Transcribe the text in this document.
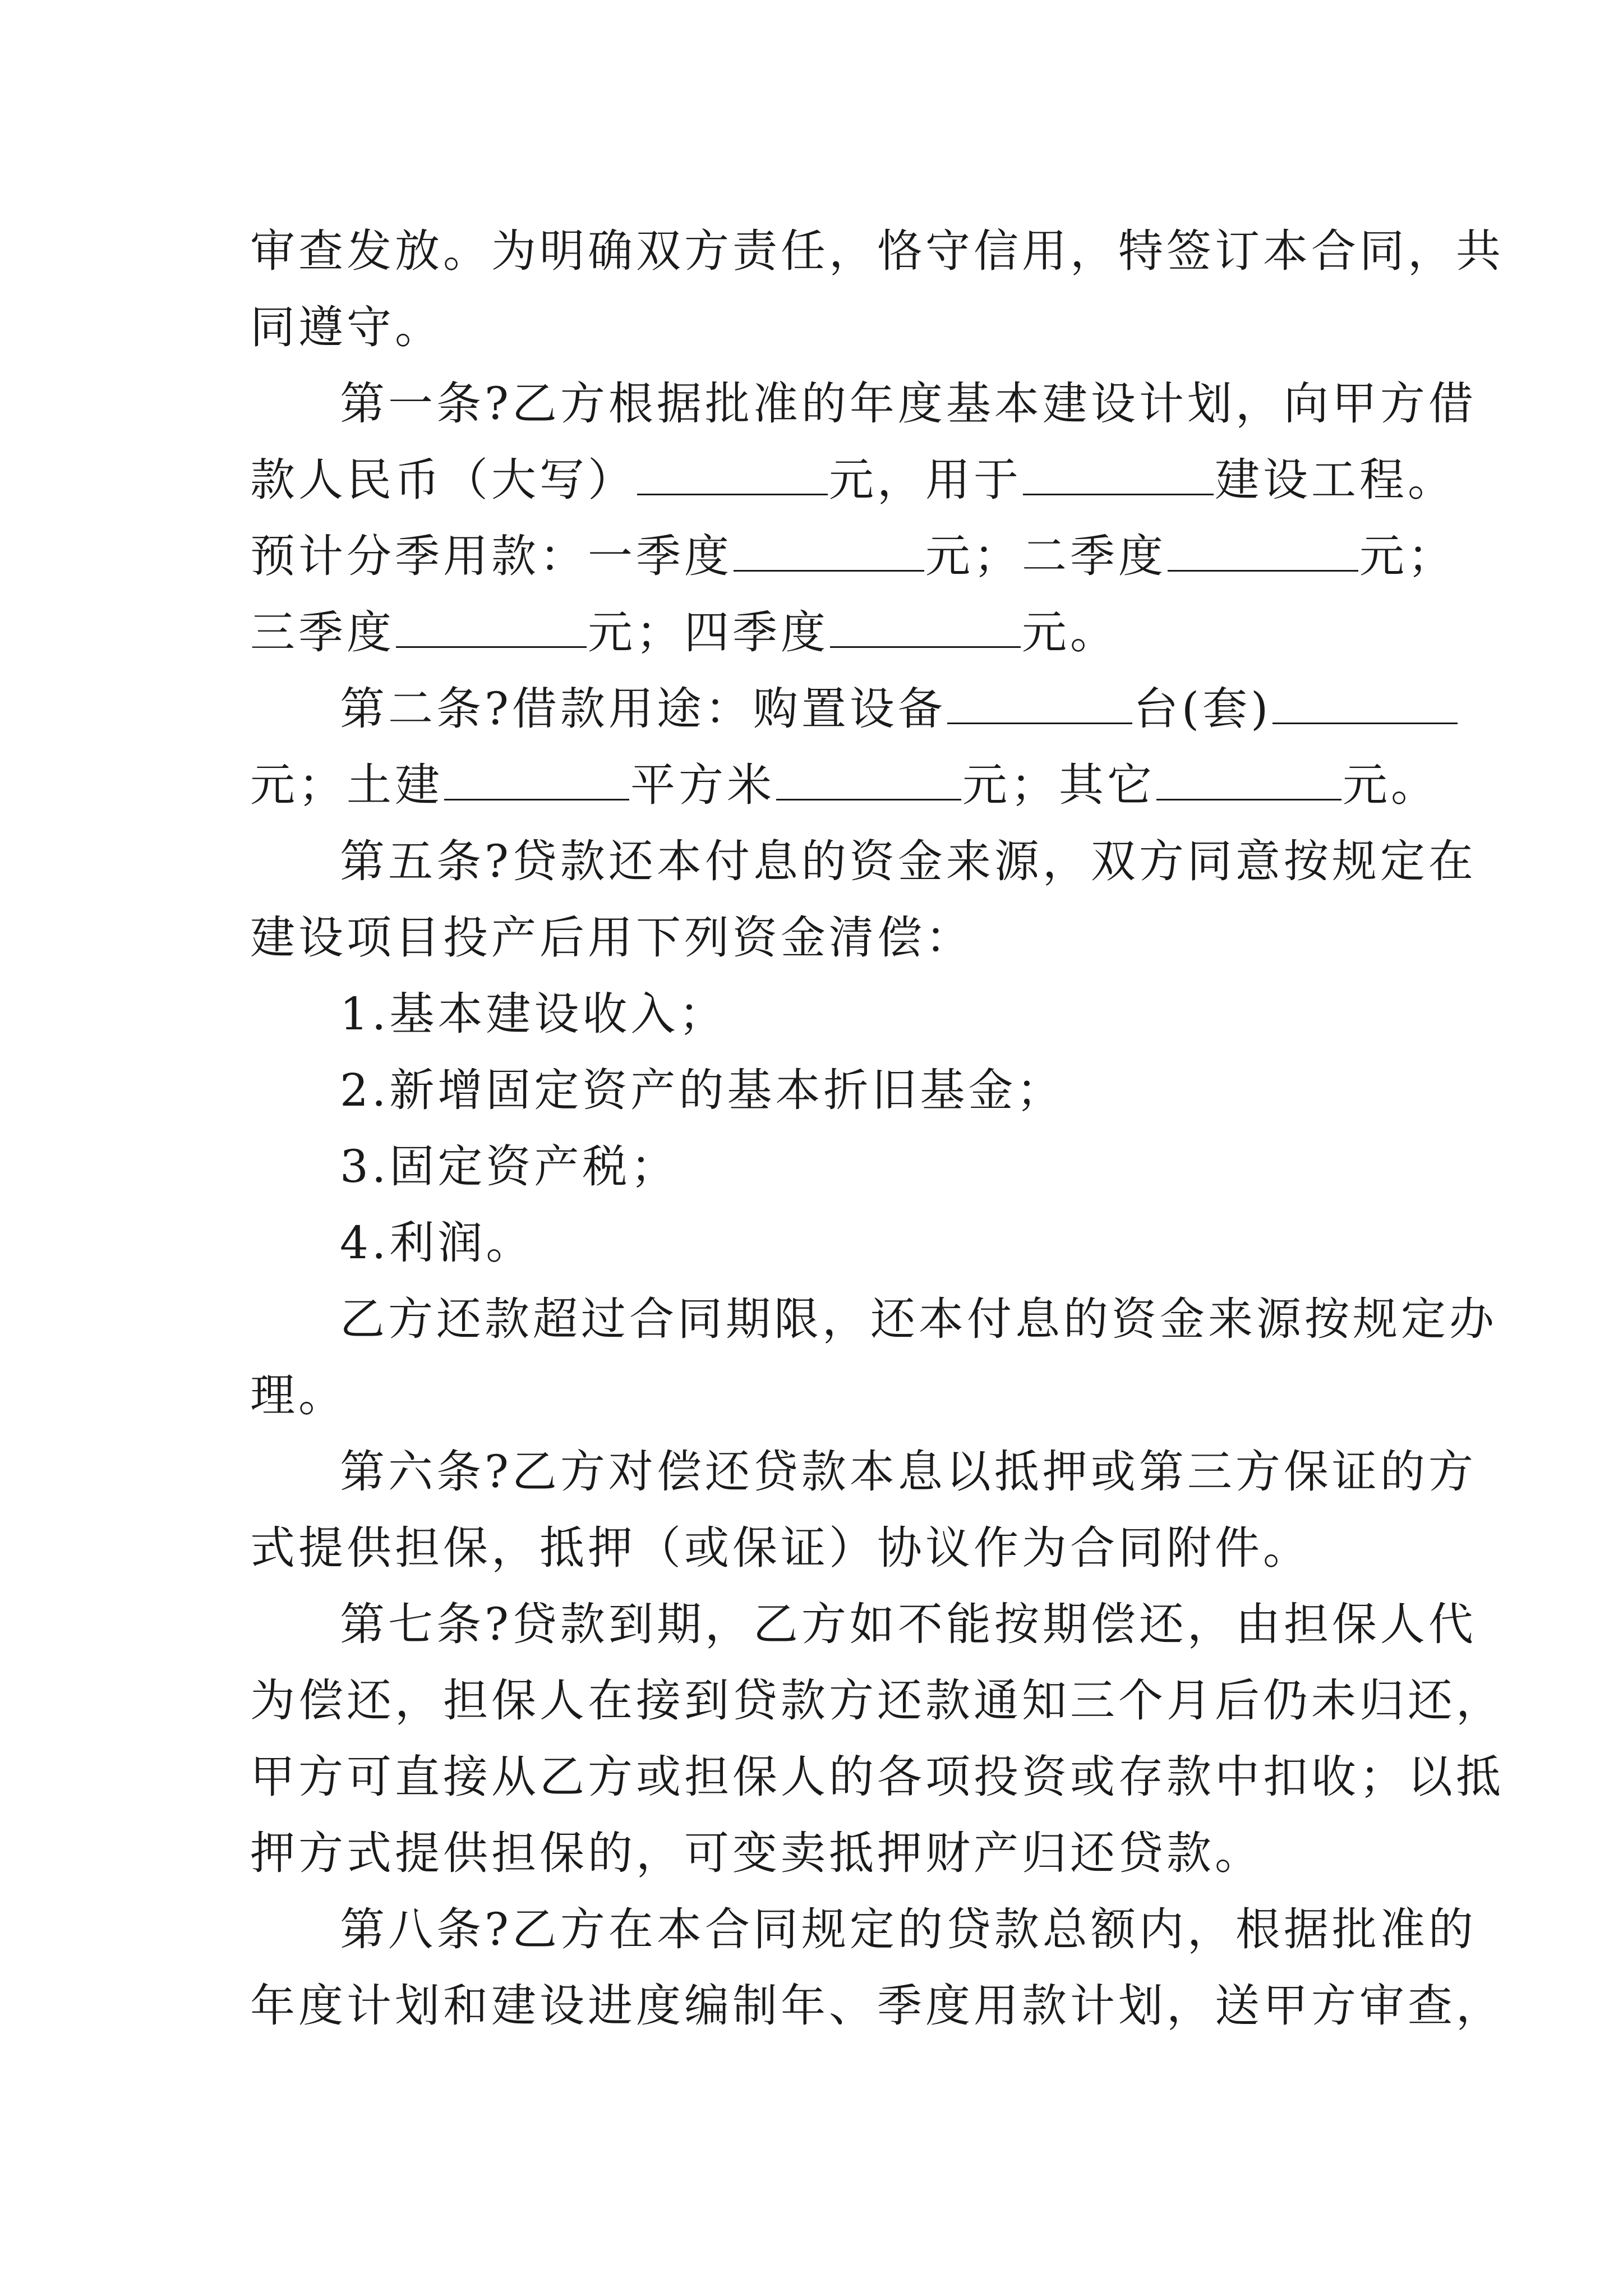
审查发放。为明确双方责任，恪守信用，特签订本合同，共
同遵守。
第一条?乙方根据批准的年度基本建设计划，向甲方借
款人民币（大写）	元，用于	建设工程。
预计分季用款：一季度	元；二季度	元；
三季度	元；四季度	元。
第二条?借款用途：购置设备	台(套)
元；土建	平方米	元；其它	元。
第五条?贷款还本付息的资金来源，双方同意按规定在
建设项目投产后用下列资金清偿：
1.基本建设收入；
2.新增固定资产的基本折旧基金；
3.固定资产税；
4.利润。
乙方还款超过合同期限，还本付息的资金来源按规定办
理。
第六条?乙方对偿还贷款本息以抵押或第三方保证的方
式提供担保，抵押（或保证）协议作为合同附件。
第七条?贷款到期，乙方如不能按期偿还，由担保人代
为偿还，担保人在接到贷款方还款通知三个月后仍未归还，
甲方可直接从乙方或担保人的各项投资或存款中扣收；以抵
押方式提供担保的，可变卖抵押财产归还贷款。
第八条?乙方在本合同规定的贷款总额内，根据批准的
年度计划和建设进度编制年、季度用款计划，送甲方审查，
